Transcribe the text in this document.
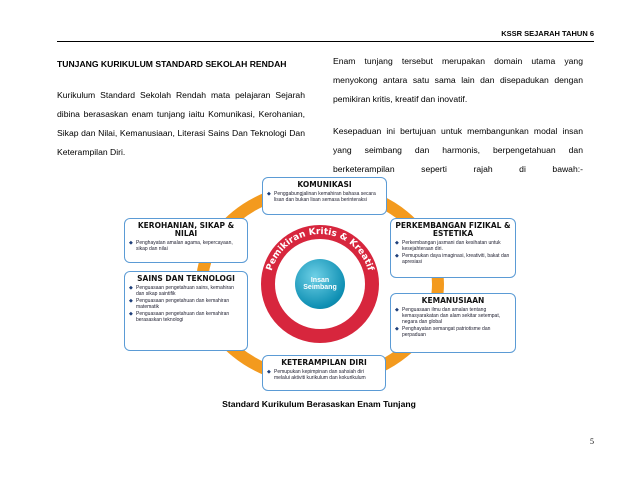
KSSR SEJARAH TAHUN 6
TUNJANG KURIKULUM STANDARD SEKOLAH RENDAH

Kurikulum Standard Sekolah Rendah mata pelajaran Sejarah dibina berasaskan enam tunjang iaitu Komunikasi, Kerohanian, Sikap dan Nilai, Kemanusiaan, Literasi Sains Dan Teknologi Dan Keterampilan Diri.

Enam tunjang tersebut merupakan domain utama yang menyokong antara satu sama lain dan disepadukan dengan pemikiran kritis, kreatif dan inovatif.

Kesepaduan ini bertujuan untuk membangunkan modal insan yang seimbang dan harmonis, berpengetahuan dan berketerampilan seperti rajah di bawah:-

Pemikiran Kritis & Kreatif
Inovatif
Insan
Seimbang
KOMUNIKASI
◆ Penggabungjalinan kemahiran bahasa secara lisan dan bukan lisan semasa berinteraksi
KEROHANIAN, SIKAP & NILAI
◆ Penghayatan amalan agama, kepercayaan, sikap dan nilai
PERKEMBANGAN FIZIKAL & ESTETIKA
◆ Perkembangan jasmani dan kesihatan untuk kesejahteraan diri.
◆ Pemupukan daya imaginasi, kreativiti, bakat dan apresiasi
SAINS DAN TEKNOLOGI
◆ Penguasaan pengetahuan sains, kemahiran dan sikap saintifik
◆ Penguasaan pengetahuan dan kemahiran matematik
◆ Penguasaan pengetahuan dan kemahiran berasaskan teknologi
KEMANUSIAAN
◆ Penguasaan ilmu dan amalan tentang kemasyarakatan dan alam sekitar setempat, negara dan global
◆ Penghayatan semangat patriotisme dan perpaduan
KETERAMPILAN DIRI
◆ Pemupukan kepimpinan dan sahsiah diri melalui aktiviti kurikulum dan kokurikulum
Standard Kurikulum Berasaskan Enam Tunjang
5
